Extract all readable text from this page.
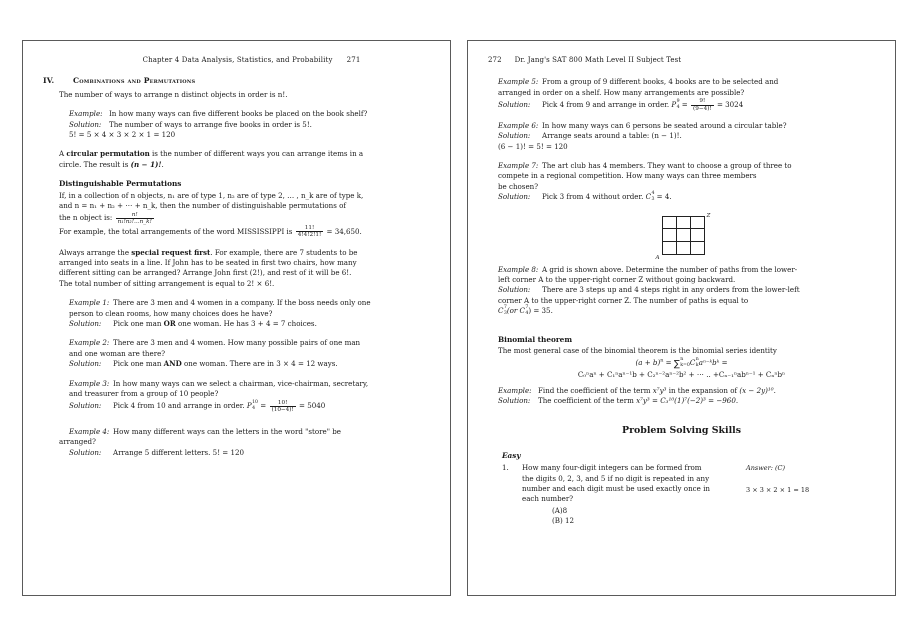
Chapter 4 Data Analysis, Statistics, and Probability 271
IV.	Combinations and Permutations

The number of ways to arrange n distinct objects in order is n!.

Example: In how many ways can five different books be placed on the book shelf?
Solution:	The number of ways to arrange five books in order is 5!.

5! = 5 × 4 × 3 × 2 × 1 = 120

A circular permutation is the number of different ways you can arrange items in a

circle. The result is (n − 1)!.

Distinguishable Permutations

If, in a collection of n objects, n₁ are of type 1, n₂ are of type 2, … , n_k are of type k,

and n = n₁ + n₂ + ⋯ + n_k, then the number of distinguishable permutations of

the n object is: $\frac{n!}{\text{n₁!n₂!…n\_k!}}$

For example, the total arrangements of the word MISSISSIPPI is $\frac{11!}{4!4!2!1!} = 34,650$.

Always arrange the special request first. For example, there are 7 students to be

arranged into seats in a line. If John has to be seated in first two chairs, how many

different sitting can be arranged? Arrange John first (2!), and rest of it will be 6!.

The total number of sitting arrangement is equal to 2! × 6!.

Example 1: There are 3 men and 4 women in a company. If the boss needs only one

person to clean rooms, how many choices does he have?

Solution:	Pick one man OR one woman. He has 3 + 4 = 7 choices.
Example 2: There are 3 men and 4 women. How many possible pairs of one man

and one woman are there?

Solution:	Pick one man AND one woman. There are in 3 × 4 = 12 ways.
Example 3: In how many ways can we select a chairman, vice-chairman, secretary,

and treasurer from a group of 10 people?

Solution:	Pick 4 from 10 and arrange in order. P 10
$4 = \frac{10!}{(10-4)!} = 5040$
Example 4: How many different ways can the letters in the word "store" be

arranged?

Solution:	Arrange 5 different letters. 5! = 120
272 Dr. Jang's SAT 800 Math Level II Subject Test
Example 5: From a group of 9 different books, 4 books are to be selected and

arranged in order on a shelf. How many arrangements are possible?

Solution:	Pick 4 from 9 and arrange in order. P 9
$4 = \frac{9!}{(9-4)!} = 3024$
Example 6: In how many ways can 6 persons be seated around a circular table?
Solution:	Arrange seats around a table: (n − 1)!.

(6 − 1)! = 5! = 120

Example 7: The art club has 4 members. They want to choose a group of three to

compete in a regional competition. How many ways can three members

be chosen?

Solution:	Pick 3 from 4 without order. C 4
3 = 4.
Z
A
Example 8: A grid is shown above. Determine the number of paths from the lower-

left corner A to the upper-right corner Z without going backward.

Solution:	There are 3 steps up and 4 steps right in any orders from the lower-left

corner A to the upper-right corner Z. The number of paths is equal to

C 7
3 (or C 7
4 ) = 35.

Binomial theorem

The most general case of the binomial theorem is the binomial series identity

$(a + b)^n$ = ∑
n
k=0 C n
k aⁿ⁻ᵏbᵏ =

C₀ⁿaⁿ + C₁ⁿaⁿ⁻¹b + C₂ⁿ⁻²aⁿ⁻²b² + ⋯ .. +Cₙ₋₁ⁿabⁿ⁻¹ + Cₙⁿbⁿ

Example: Find the coefficient of the term x⁷y³ in the expansion of (x − 2y)¹⁰.
Solution:	The coefficient of the term x⁷y³ = C₃¹⁰(1)⁷(−2)³ = −960.
Problem Solving Skills
Easy
1.	How many four-digit integers can be formed from

the digits 0, 2, 3, and 5 if no digit is repeated in any

number and each digit must be used exactly once in

each number?

(A)8
(B) 12

Answer: (C)

3 × 3 × 2 × 1 = 18
